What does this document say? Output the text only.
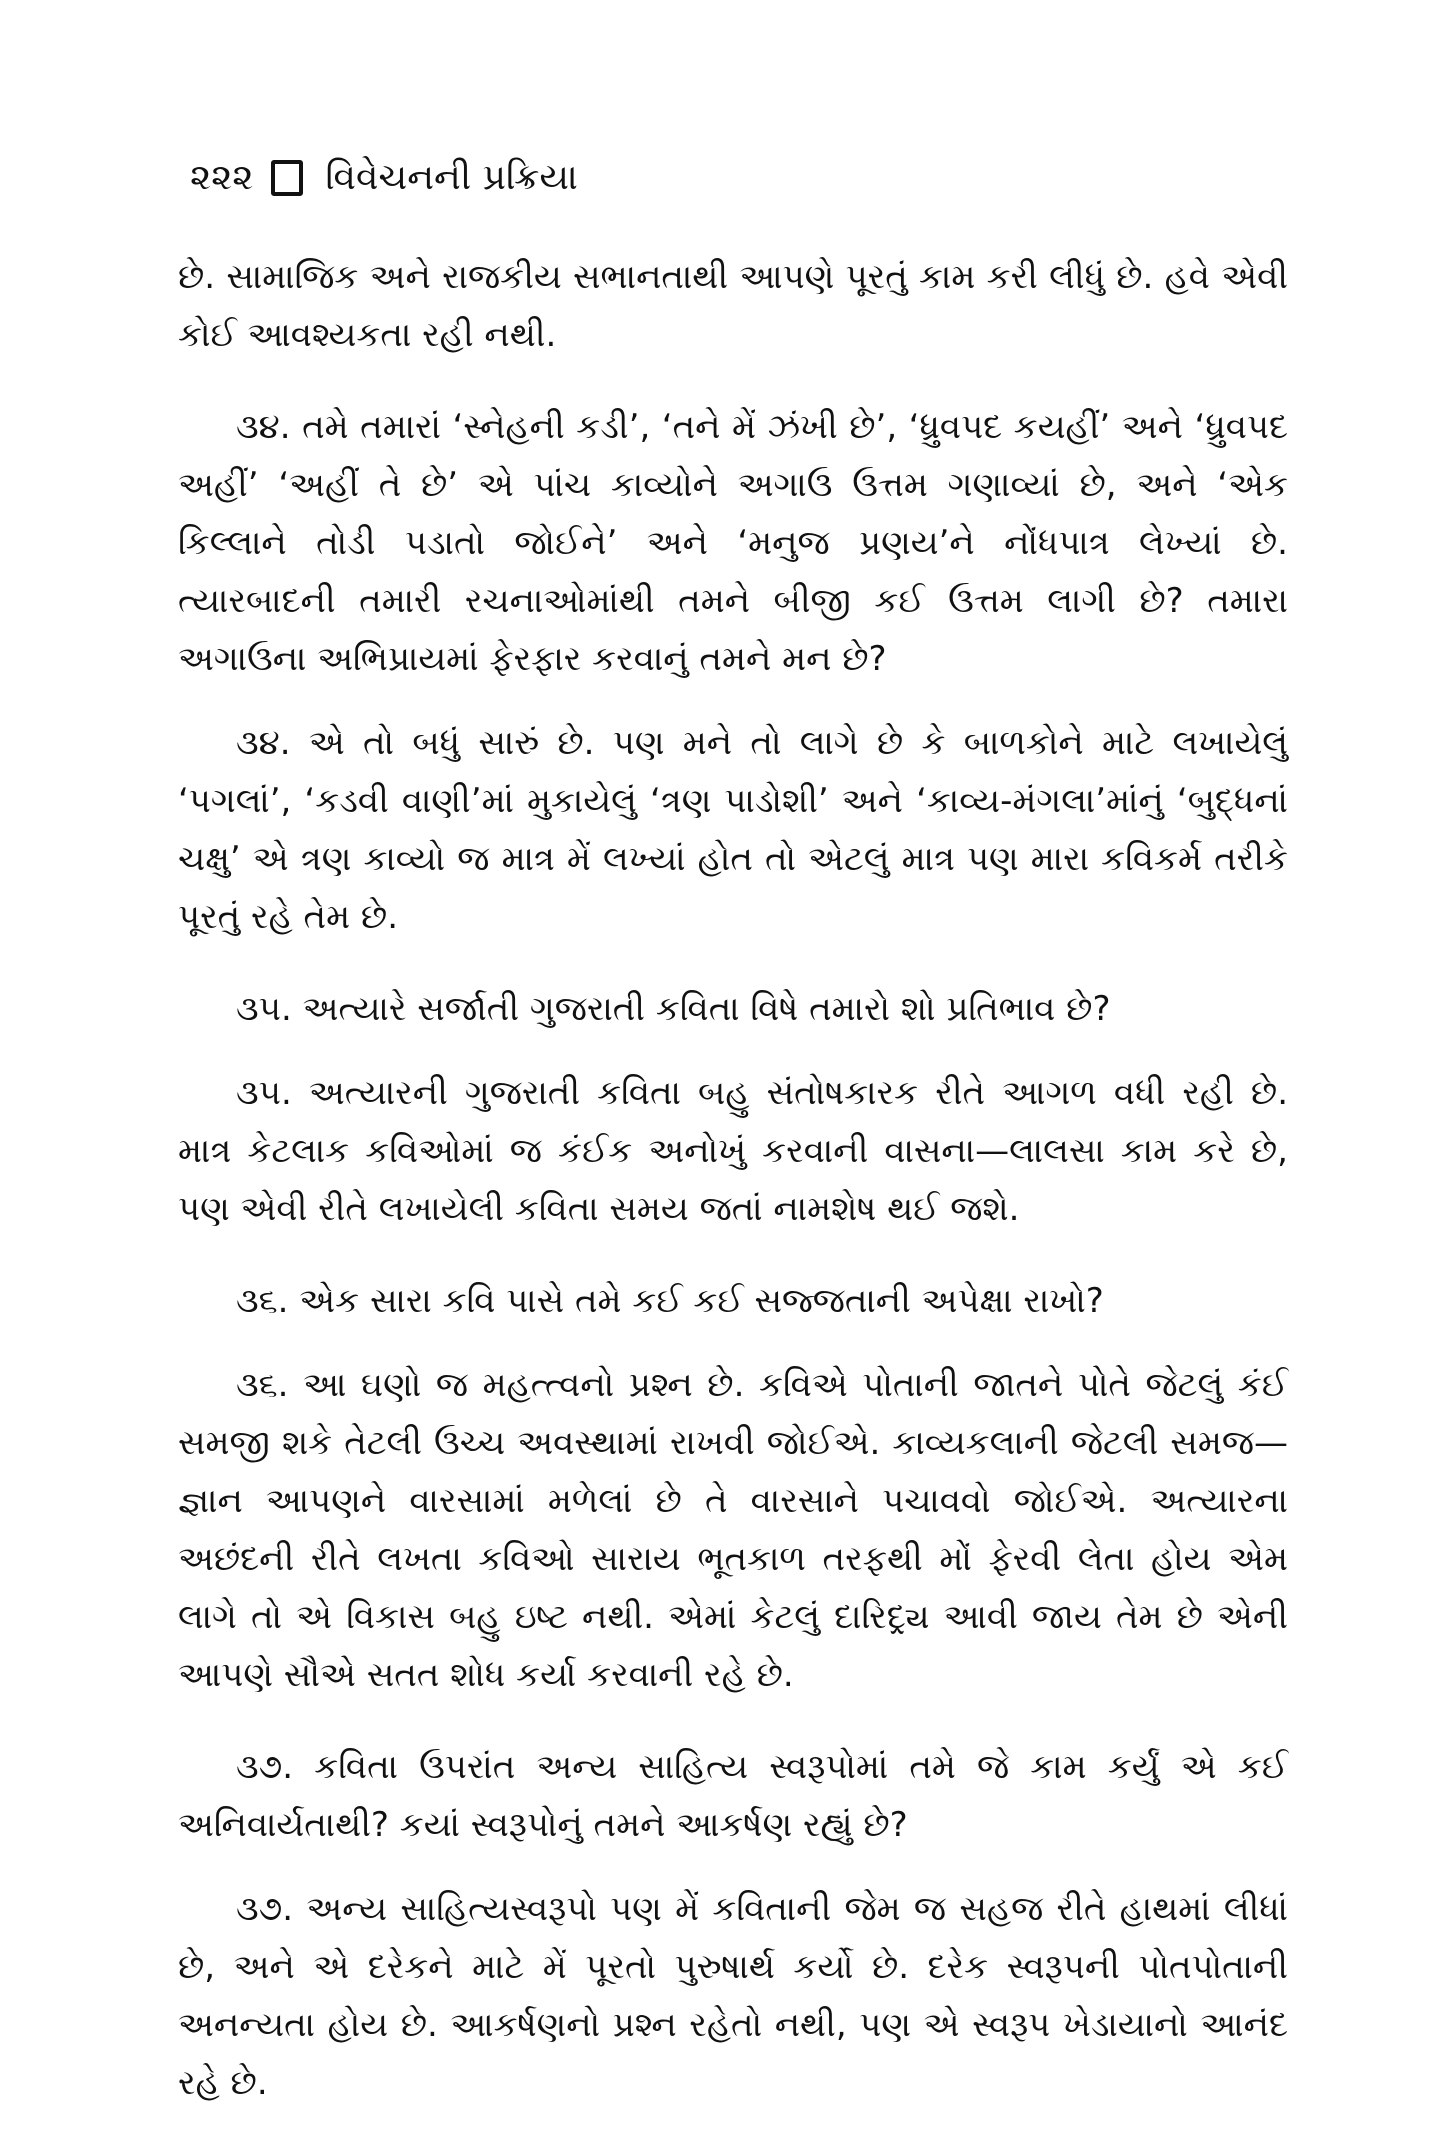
૨૨૨ વિવેચનની પ્રક્રિયા

છે. સામાજિક અને રાજકીય સભાનતાથી આપણે પૂરતું કામ કરી લીધું છે. હવે એવી કોઈ આવશ્યકતા રહી નથી.

૩૪. તમે તમારાં ‘સ્નેહની કડી’, ‘તને મેં ઝંખી છે’, ‘ધ્રુવપદ કયહીં’ અને ‘ધ્રુવપદ અહીં’ ‘અહીં તે છે’ એ પાંચ કાવ્યોને અગાઉ ઉત્તમ ગણાવ્યાં છે, અને ‘એક કિલ્લાને તોડી પડાતો જોઈને’ અને ‘મનુજ પ્રણય’ને નોંધપાત્ર લેખ્યાં છે. ત્યારબાદની તમારી રચનાઓમાંથી તમને બીજી કઈ ઉત્તમ લાગી છે? તમારા અગાઉના અભિપ્રાયમાં ફેરફાર કરવાનું તમને મન છે?

૩૪. એ તો બધું સારું છે. પણ મને તો લાગે છે કે બાળકોને માટે લખાયેલું ‘પગલાં’, ‘કડવી વાણી’માં મુકાયેલું ‘ત્રણ પાડોશી’ અને ‘કાવ્ય-મંગલા’માંનું ‘બુદ્ધનાં ચક્ષુ’ એ ત્રણ કાવ્યો જ માત્ર મેં લખ્યાં હોત તો એટલું માત્ર પણ મારા કવિકર્મ તરીકે પૂરતું રહે તેમ છે.

૩૫. અત્યારે સર્જાતી ગુજરાતી કવિતા વિષે તમારો શો પ્રતિભાવ છે?

૩૫. અત્યારની ગુજરાતી કવિતા બહુ સંતોષકારક રીતે આગળ વધી રહી છે. માત્ર કેટલાક કવિઓમાં જ કંઈક અનોખું કરવાની વાસના—લાલસા કામ કરે છે, પણ એવી રીતે લખાયેલી કવિતા સમય જતાં નામશેષ થઈ જશે.

૩૬. એક સારા કવિ પાસે તમે કઈ કઈ સજ્જતાની અપેક્ષા રાખો?

૩૬. આ ઘણો જ મહત્ત્વનો પ્રશ્ન છે. કવિએ પોતાની જાતને પોતે જેટલું કંઈ સમજી શકે તેટલી ઉચ્ચ અવસ્થામાં રાખવી જોઈએ. કાવ્યકલાની જેટલી સમજ—જ્ઞાન આપણને વારસામાં મળેલાં છે તે વારસાને પચાવવો જોઈએ. અત્યારના અછંદની રીતે લખતા કવિઓ સારાય ભૂતકાળ તરફથી મોં ફેરવી લેતા હોય એમ લાગે તો એ વિકાસ બહુ ઇષ્ટ નથી. એમાં કેટલું દારિદ્ર્ય આવી જાય તેમ છે એની આપણે સૌએ સતત શોધ કર્યા કરવાની રહે છે.

૩૭. કવિતા ઉપરાંત અન્ય સાહિત્ય સ્વરૂપોમાં તમે જે કામ કર્યું એ કઈ અનિવાર્યતાથી? કયાં સ્વરૂપોનું તમને આકર્ષણ રહ્યું છે?

૩૭. અન્ય સાહિત્યસ્વરૂપો પણ મેં કવિતાની જેમ જ સહજ રીતે હાથમાં લીધાં છે, અને એ દરેકને માટે મેં પૂરતો પુરુષાર્થ કર્યો છે. દરેક સ્વરૂપની પોતપોતાની અનન્યતા હોય છે. આકર્ષણનો પ્રશ્ન રહેતો નથી, પણ એ સ્વરૂપ ખેડાયાનો આનંદ રહે છે.
